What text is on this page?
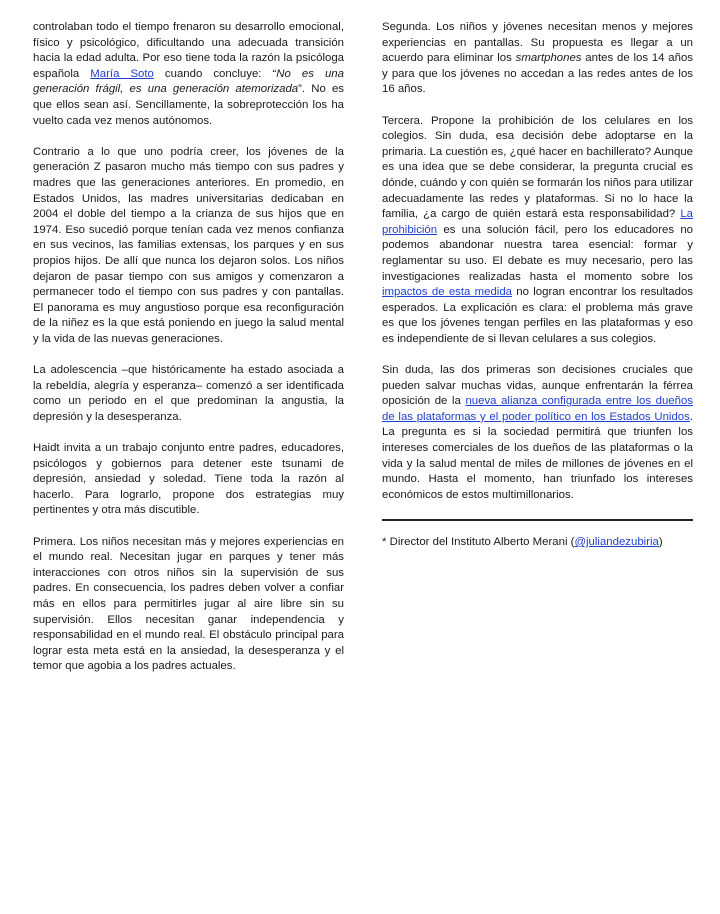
controlaban todo el tiempo frenaron su desarrollo emocional, físico y psicológico, dificultando una adecuada transición hacia la edad adulta. Por eso tiene toda la razón la psicóloga española María Soto cuando concluye: “No es una generación frágil, es una generación atemorizada”. No es que ellos sean así. Sencillamente, la sobreprotección los ha vuelto cada vez menos autónomos.

Contrario a lo que uno podría creer, los jóvenes de la generación Z pasaron mucho más tiempo con sus padres y madres que las generaciones anteriores. En promedio, en Estados Unidos, las madres universitarias dedicaban en 2004 el doble del tiempo a la crianza de sus hijos que en 1974. Eso sucedió porque tenían cada vez menos confianza en sus vecinos, las familias extensas, los parques y en sus propios hijos. De allí que nunca los dejaron solos. Los niños dejaron de pasar tiempo con sus amigos y comenzaron a permanecer todo el tiempo con sus padres y con pantallas. El panorama es muy angustioso porque esa reconfiguración de la niñez es la que está poniendo en juego la salud mental y la vida de las nuevas generaciones.

La adolescencia –que históricamente ha estado asociada a la rebeldía, alegría y esperanza– comenzó a ser identificada como un periodo en el que predominan la angustia, la depresión y la desesperanza.

Haidt invita a un trabajo conjunto entre padres, educadores, psicólogos y gobiernos para detener este tsunami de depresión, ansiedad y soledad. Tiene toda la razón al hacerlo. Para lograrlo, propone dos estrategias muy pertinentes y otra más discutible.

Primera. Los niños necesitan más y mejores experiencias en el mundo real. Necesitan jugar en parques y tener más interacciones con otros niños sin la supervisión de sus padres. En consecuencia, los padres deben volver a confiar más en ellos para permitirles jugar al aire libre sin su supervisión. Ellos necesitan ganar independencia y responsabilidad en el mundo real. El obstáculo principal para lograr esta meta está en la ansiedad, la desesperanza y el temor que agobia a los padres actuales.

Segunda. Los niños y jóvenes necesitan menos y mejores experiencias en pantallas. Su propuesta es llegar a un acuerdo para eliminar los smartphones antes de los 14 años y para que los jóvenes no accedan a las redes antes de los 16 años.

Tercera. Propone la prohibición de los celulares en los colegios. Sin duda, esa decisión debe adoptarse en la primaria. La cuestión es, ¿qué hacer en bachillerato? Aunque es una idea que se debe considerar, la pregunta crucial es dónde, cuándo y con quién se formarán los niños para utilizar adecuadamente las redes y plataformas. Si no lo hace la familia, ¿a cargo de quién estará esta responsabilidad? La prohibición es una solución fácil, pero los educadores no podemos abandonar nuestra tarea esencial: formar y reglamentar su uso. El debate es muy necesario, pero las investigaciones realizadas hasta el momento sobre los impactos de esta medida no logran encontrar los resultados esperados. La explicación es clara: el problema más grave es que los jóvenes tengan perfiles en las plataformas y eso es independiente de si llevan celulares a sus colegios.

Sin duda, las dos primeras son decisiones cruciales que pueden salvar muchas vidas, aunque enfrentarán la férrea oposición de la nueva alianza configurada entre los dueños de las plataformas y el poder político en los Estados Unidos. La pregunta es si la sociedad permitirá que triunfen los intereses comerciales de los dueños de las plataformas o la vida y la salud mental de miles de millones de jóvenes en el mundo. Hasta el momento, han triunfado los intereses económicos de estos multimillonarios.

* Director del Instituto Alberto Merani (@juliandezubiria)
